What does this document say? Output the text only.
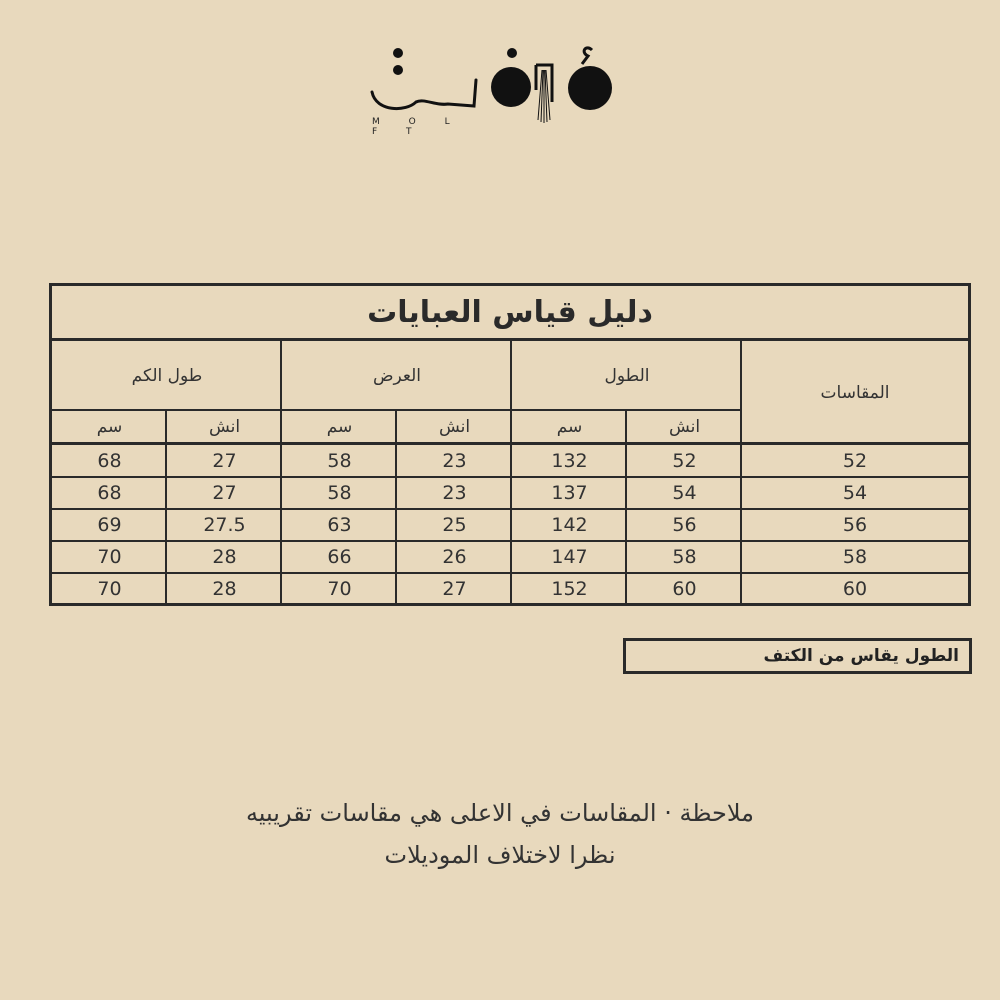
M O L F T
دليل قياس العبايات
المقاسات
الطول
العرض
طول الكم
انش
سم
انش
سم
انش
سم
52
52
132
23
58
27
68
54
54
137
23
58
27
68
56
56
142
25
63
27.5
69
58
58
147
26
66
28
70
60
60
152
27
70
28
70
الطول يقاس من الكتف
ملاحظة · المقاسات في الاعلى هي مقاسات تقريبيه
نظرا لاختلاف الموديلات
